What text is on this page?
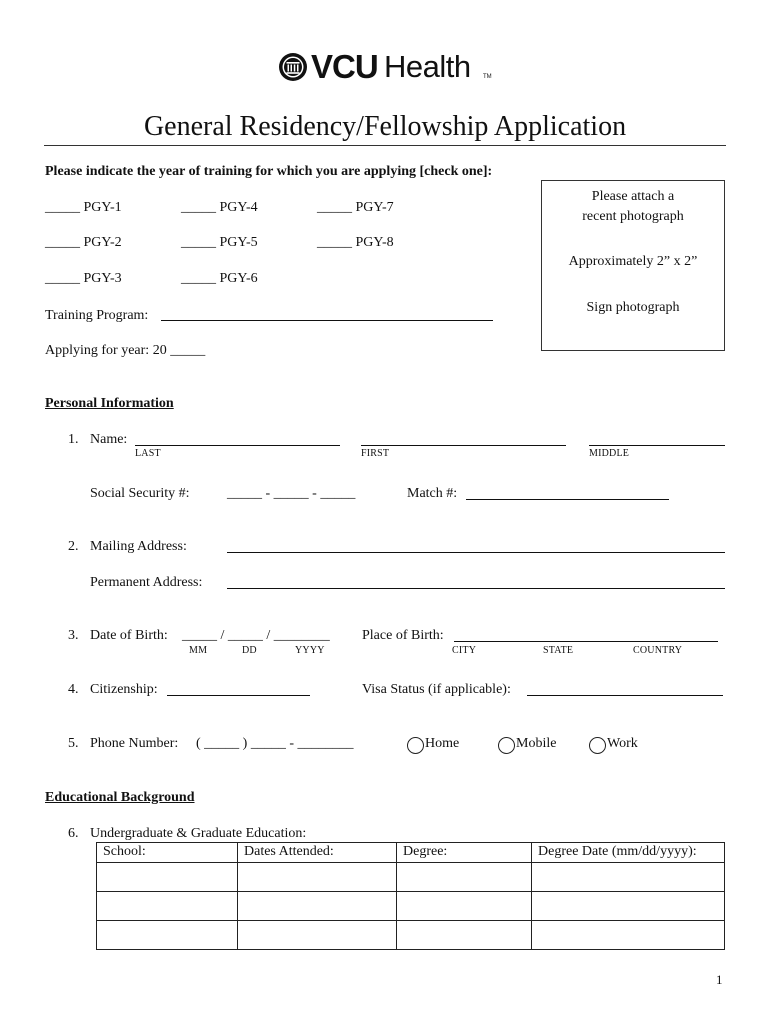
VCU Health TM
General Residency/Fellowship Application
Please indicate the year of training for which you are applying [check one]:
_____ PGY-1
_____ PGY-2
_____ PGY-3
_____ PGY-4
_____ PGY-5
_____ PGY-6
_____ PGY-7
_____ PGY-8
Please attach a
recent photograph
Approximately 2” x 2”
Sign photograph
Training Program:
Applying for year: 20 _____
Personal Information
1. Name:
LAST	FIRST	MIDDLE
Social Security #:	_____ - _____ - _____	Match #:
2. Mailing Address:
Permanent Address:
3. Date of Birth: _____ / _____ / ________
MM	DD	YYYY
Place of Birth:
CITY	STATE	COUNTRY
4. Citizenship:	Visa Status (if applicable):
5. Phone Number: ( _____ ) _____ - ________	Home	Mobile	Work
Educational Background
6. Undergraduate & Graduate Education:
School:	Dates Attended:	Degree:	Degree Date (mm/dd/yyyy):

1
